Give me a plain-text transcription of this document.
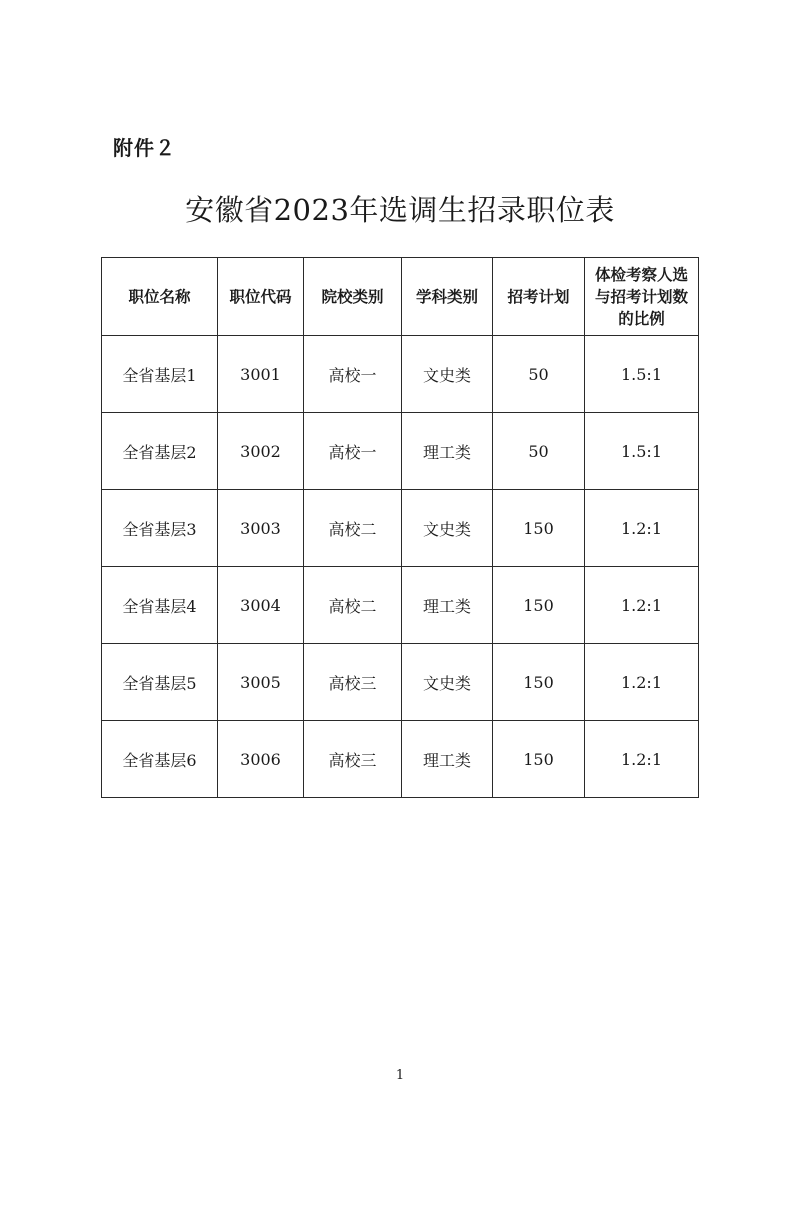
附件２
安徽省2023年选调生招录职位表
职位名称	职位代码	院校类别	学科类别	招考计划	体检考察人选与招考计划数的比例
全省基层1	3001	高校一	文史类	50	1.5:1
全省基层2	3002	高校一	理工类	50	1.5:1
全省基层3	3003	高校二	文史类	150	1.2:1
全省基层4	3004	高校二	理工类	150	1.2:1
全省基层5	3005	高校三	文史类	150	1.2:1
全省基层6	3006	高校三	理工类	150	1.2:1
1
